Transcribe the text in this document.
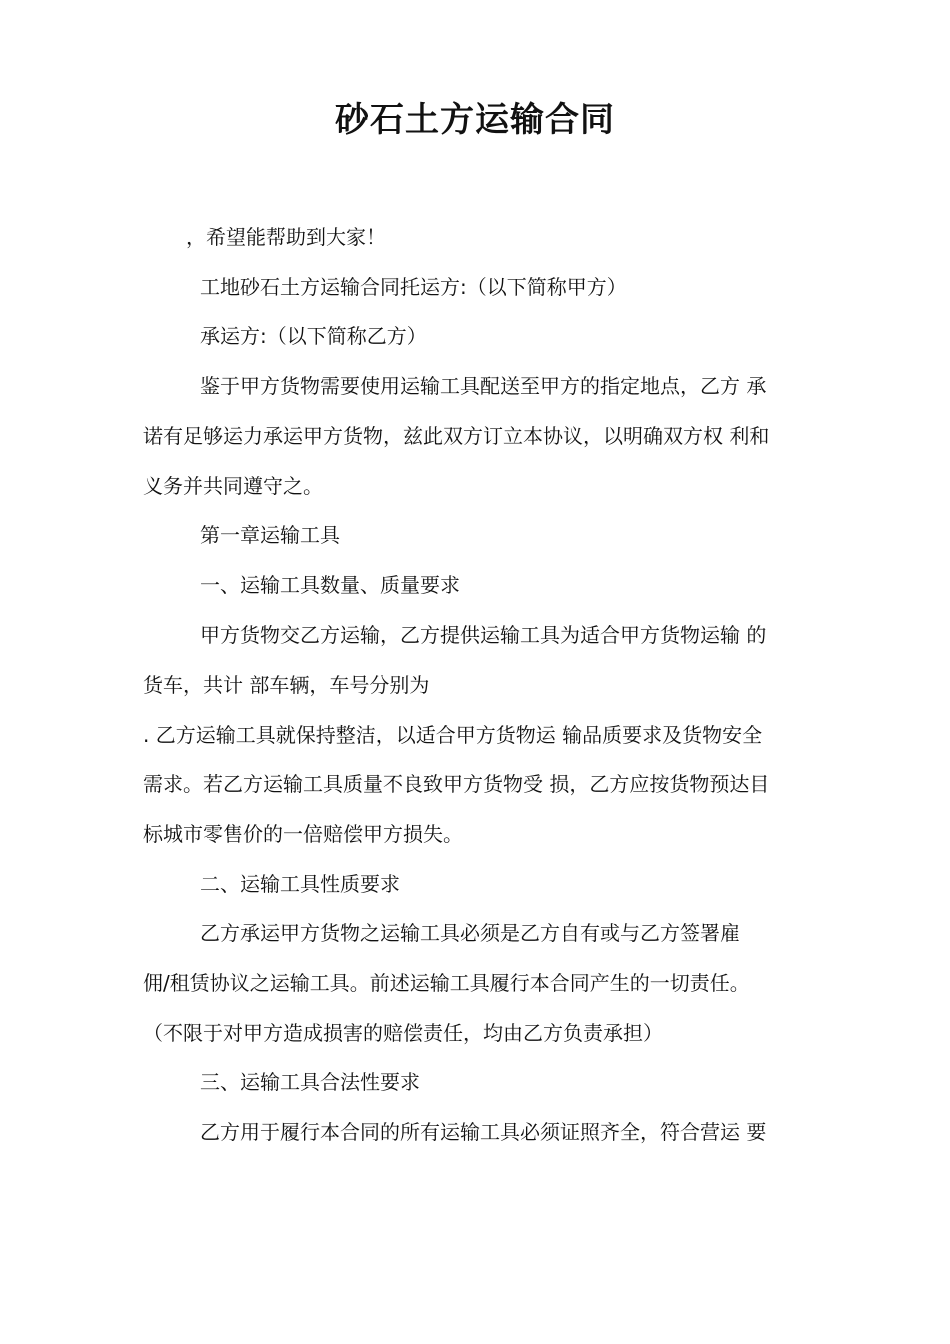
砂石土方运输合同
，希望能帮助到大家！
工地砂石土方运输合同托运方:（以下简称甲方）
承运方:（以下简称乙方）
鉴于甲方货物需要使用运输工具配送至甲方的指定地点，乙方 承
诺有足够运力承运甲方货物，兹此双方订立本协议，以明确双方权 利和
义务并共同遵守之。
第一章运输工具
一、运输工具数量、质量要求
甲方货物交乙方运输，乙方提供运输工具为适合甲方货物运输 的
货车，共计 部车辆，车号分别为
. 乙方运输工具就保持整洁，以适合甲方货物运 输品质要求及货物安全
需求。若乙方运输工具质量不良致甲方货物受 损，乙方应按货物预达目
标城市零售价的一倍赔偿甲方损失。
二、运输工具性质要求
乙方承运甲方货物之运输工具必须是乙方自有或与乙方签署雇
佣/租赁协议之运输工具。前述运输工具履行本合同产生的一切责任。
（不限于对甲方造成损害的赔偿责任，均由乙方负责承担）
三、运输工具合法性要求
乙方用于履行本合同的所有运输工具必须证照齐全，符合营运 要
